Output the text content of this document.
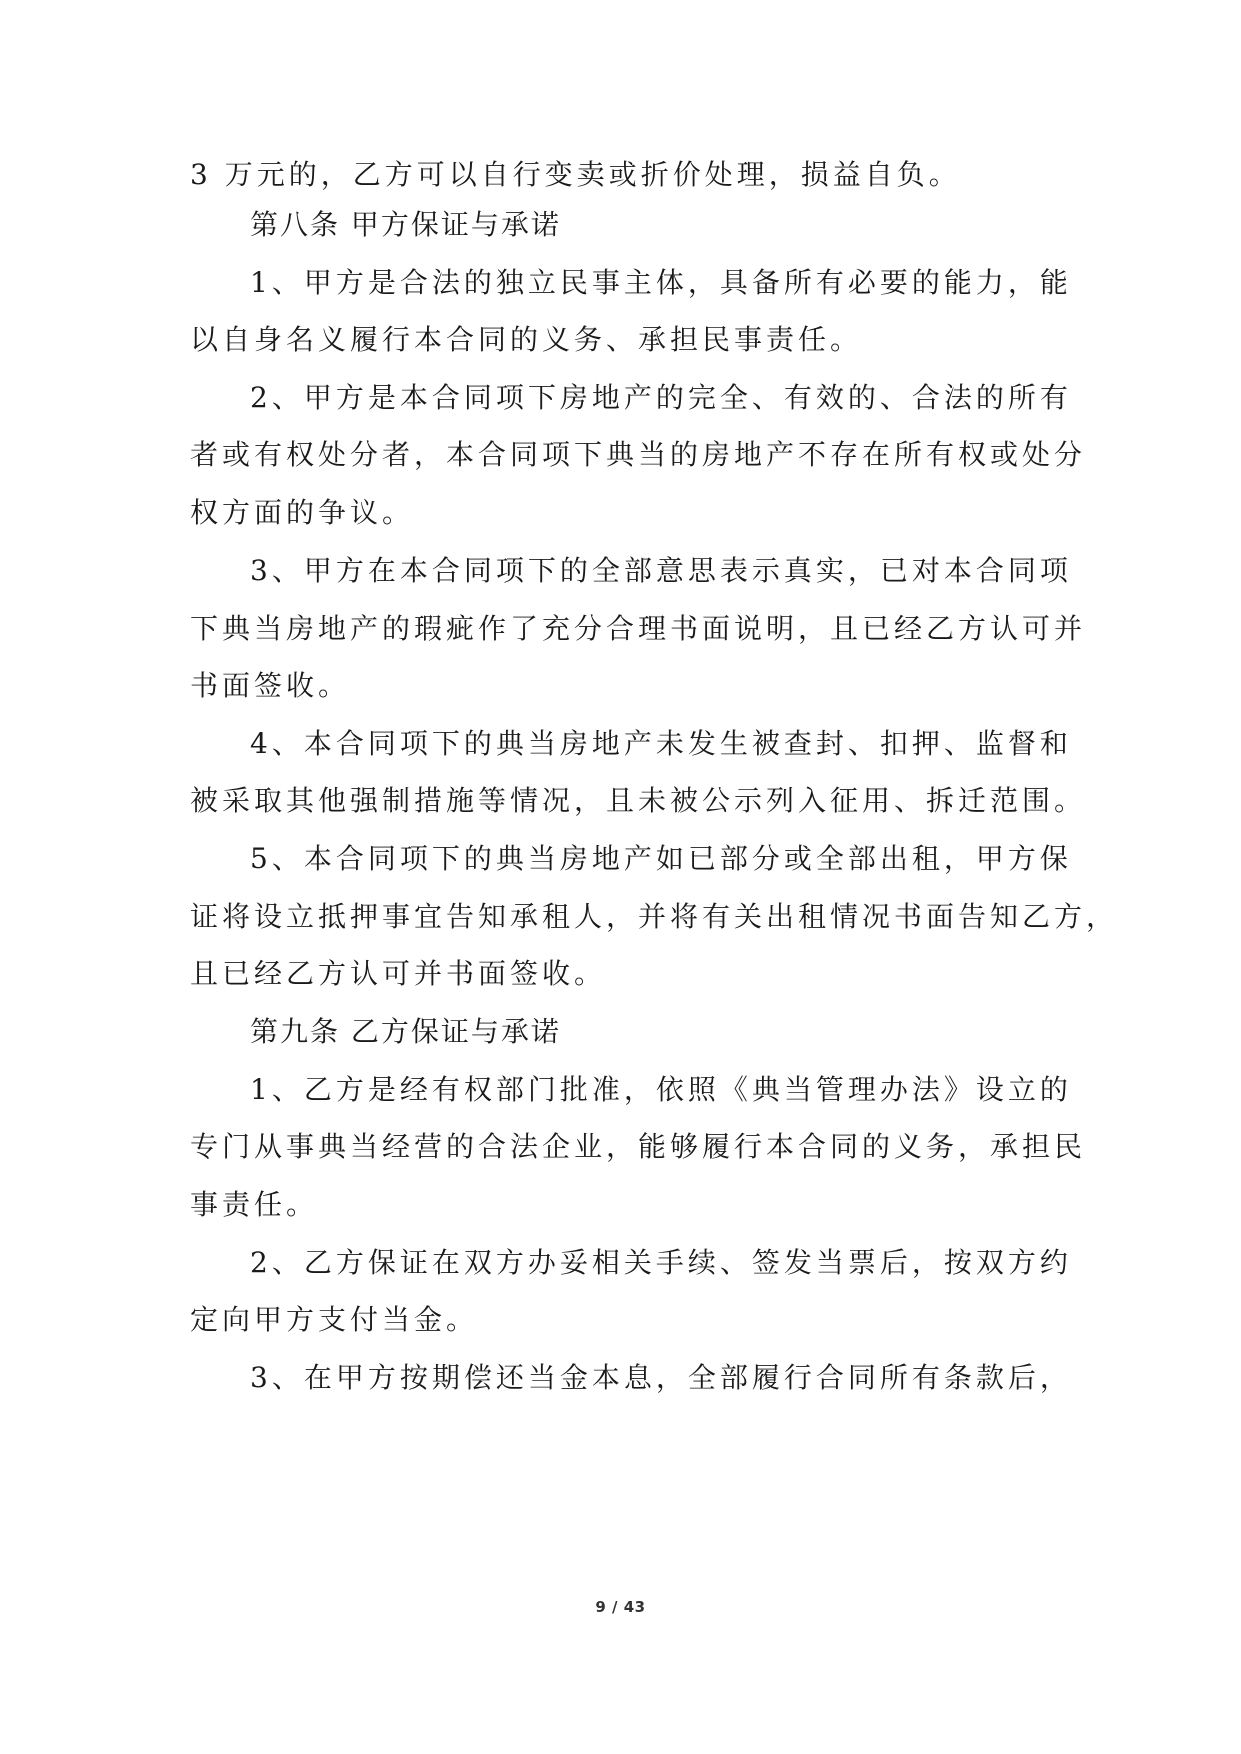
3 万元的，乙方可以自行变卖或折价处理，损益自负。
第八条 甲方保证与承诺
1、甲方是合法的独立民事主体，具备所有必要的能力，能
以自身名义履行本合同的义务、承担民事责任。
2、甲方是本合同项下房地产的完全、有效的、合法的所有
者或有权处分者，本合同项下典当的房地产不存在所有权或处分
权方面的争议。
3、甲方在本合同项下的全部意思表示真实，已对本合同项
下典当房地产的瑕疵作了充分合理书面说明，且已经乙方认可并
书面签收。
4、本合同项下的典当房地产未发生被查封、扣押、监督和
被采取其他强制措施等情况，且未被公示列入征用、拆迁范围。
5、本合同项下的典当房地产如已部分或全部出租，甲方保
证将设立抵押事宜告知承租人，并将有关出租情况书面告知乙方，
且已经乙方认可并书面签收。
第九条 乙方保证与承诺
1、乙方是经有权部门批准，依照《典当管理办法》设立的
专门从事典当经营的合法企业，能够履行本合同的义务，承担民
事责任。
2、乙方保证在双方办妥相关手续、签发当票后，按双方约
定向甲方支付当金。
3、在甲方按期偿还当金本息，全部履行合同所有条款后，
9 / 43
